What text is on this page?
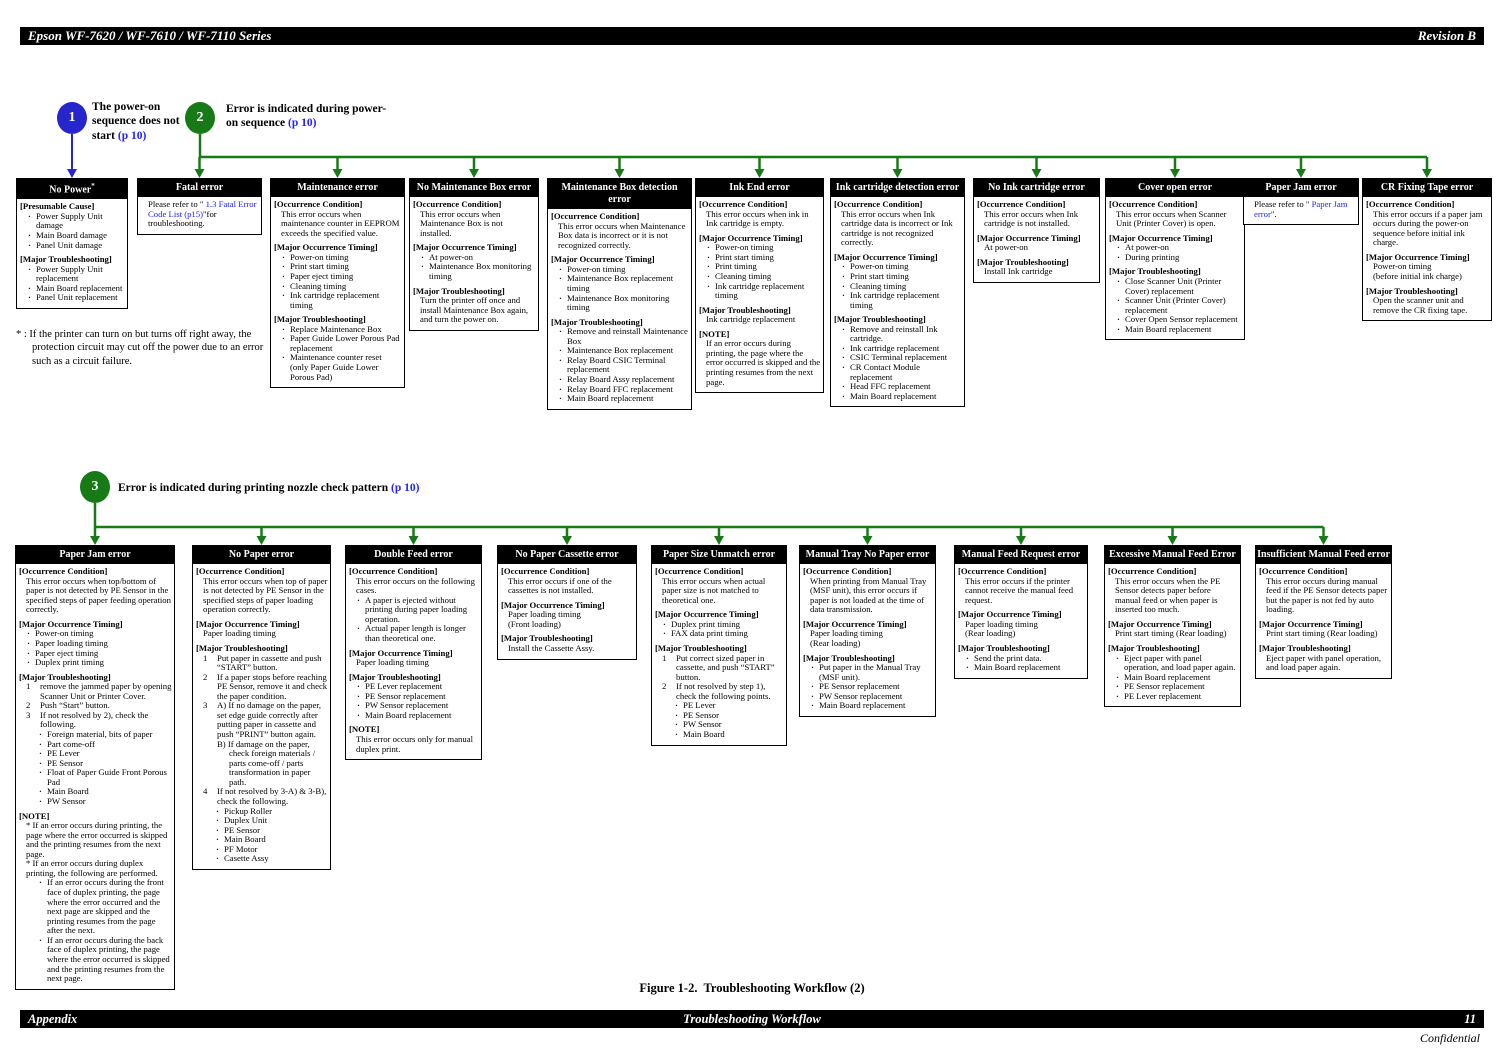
Epson WF-7620 / WF-7610 / WF-7110 Series	Revision B
1
The power-on sequence does not start (p 10)
2
Error is indicated during power-on sequence (p 10)
3 Error is indicated during printing nozzle check pattern (p 10)
No Power*
[Presumable Cause]
· Power Supply Unit damage
· Main Board damage
· Panel Unit damage
[Major Troubleshooting]
· Power Supply Unit replacement
· Main Board replacement
· Panel Unit replacement
Fatal error
Please refer to " 1.3 Fatal Error Code List (p15)"for troubleshooting.
Maintenance error
[Occurrence Condition]
This error occurs when maintenance counter in EEPROM exceeds the specified value.
[Major Occurrence Timing]
· Power-on timing
· Print start timing
· Paper eject timing
· Cleaning timing
· Ink cartridge replacement timing
[Major Troubleshooting]
· Replace Maintenance Box
· Paper Guide Lower Porous Pad replacement
· Maintenance counter reset (only Paper Guide Lower Porous Pad)
No Maintenance Box error
[Occurrence Condition]
This error occurs when Maintenance Box is not installed.
[Major Occurrence Timing]
· At power-on
· Maintenance Box monitoring timing
[Major Troubleshooting]
Turn the printer off once and install Maintenance Box again, and turn the power on.
Maintenance Box detection error
[Occurrence Condition]
This error occurs when Maintenance Box data is incorrect or it is not recognized correctly.
[Major Occurrence Timing]
· Power-on timing
· Maintenance Box replacement timing
· Maintenance Box monitoring timing
[Major Troubleshooting]
· Remove and reinstall Maintenance Box
· Maintenance Box replacement
· Relay Board CSIC Terminal replacement
· Relay Board Assy replacement
· Relay Board FFC replacement
· Main Board replacement
Ink End error
[Occurrence Condition]
This error occurs when ink in Ink cartridge is empty.
[Major Occurrence Timing]
· Power-on timing
· Print start timing
· Print timing
· Cleaning timing
· Ink cartridge replacement timing
[Major Troubleshooting]
Ink cartridge replacement
[NOTE]
If an error occurs during printing, the page where the error occurred is skipped and the printing resumes from the next page.
Ink cartridge detection error
[Occurrence Condition]
This error occurs when Ink cartridge data is incorrect or Ink cartridge is not recognized correctly.
[Major Occurrence Timing]
· Power-on timing
· Print start timing
· Cleaning timing
· Ink cartridge replacement timing
[Major Troubleshooting]
· Remove and reinstall Ink cartridge.
· Ink cartridge replacement
· CSIC Terminal replacement
· CR Contact Module replacement
· Head FFC replacement
· Main Board replacement
No Ink cartridge error
[Occurrence Condition]
This error occurs when Ink cartridge is not installed.
[Major Occurrence Timing]
At power-on
[Major Troubleshooting]
Install Ink cartridge
Cover open error
[Occurrence Condition]
This error occurs when Scanner Unit (Printer Cover) is open.
[Major Occurrence Timing]
· At power-on
· During printing
[Major Troubleshooting]
· Close Scanner Unit (Printer Cover) replacement
· Scanner Unit (Printer Cover) replacement
· Cover Open Sensor replacement
· Main Board replacement
Paper Jam error
Please refer to " Paper Jam error".
CR Fixing Tape error
[Occurrence Condition]
This error occurs if a paper jam occurs during the power-on sequence before initial ink charge.
[Major Occurrence Timing]
Power-on timing
(before initial ink charge)
[Major Troubleshooting]
Open the scanner unit and remove the CR fixing tape.
Paper Jam error
[Occurrence Condition]
This error occurs when top/bottom of paper is not detected by PE Sensor in the specified steps of paper feeding operation correctly.
[Major Occurrence Timing]
· Power-on timing
· Paper loading timing
· Paper eject timing
· Duplex print timing
[Major Troubleshooting]
1 remove the jammed paper by opening Scanner Unit or Printer Cover.
2 Push “Start” button.
3 If not resolved by 2), check the following.
· Foreign material, bits of paper
· Part come-off
· PE Lever
· PE Sensor
· Float of Paper Guide Front Porous Pad
· Main Board
· PW Sensor
[NOTE]
* If an error occurs during printing, the page where the error occurred is skipped and the printing resumes from the next page.
* If an error occurs during duplex printing, the following are performed.
· If an error occurs during the front face of duplex printing, the page where the error occurred and the next page are skipped and the printing resumes from the page after the next.
· If an error occurs during the back face of duplex printing, the page where the error occurred is skipped and the printing resumes from the next page.
No Paper error
[Occurrence Condition]
This error occurs when top of paper is not detected by PE Sensor in the specified steps of paper loading operation correctly.
[Major Occurrence Timing]
Paper loading timing
[Major Troubleshooting]
1 Put paper in cassette and push “START” button.
2 If a paper stops before reaching PE Sensor, remove it and check the paper condition.
3 A) If no damage on the paper, set edge guide correctly after putting paper in cassette and push “PRINT” button again.
B) If damage on the paper, check foreign materials / parts come-off / parts transformation in paper path.
4 If not resolved by 3-A) & 3-B), check the following.
· Pickup Roller
· Duplex Unit
· PE Sensor
· Main Board
· PF Motor
· Casette Assy
Double Feed error
[Occurrence Condition]
This error occurs on the following cases.
· A paper is ejected without printing during paper loading operation.
· Actual paper length is longer than theoretical one.
[Major Occurrence Timing]
Paper loading timing
[Major Troubleshooting]
· PE Lever replacement
· PE Sensor replacement
· PW Sensor replacement
· Main Board replacement
[NOTE]
This error occurs only for manual duplex print.
No Paper Cassette error
[Occurrence Condition]
This error occurs if one of the cassettes is not installed.
[Major Occurrence Timing]
Paper loading timing
(Front loading)
[Major Troubleshooting]
Install the Cassette Assy.
Paper Size Unmatch error
[Occurrence Condition]
This error occurs when actual paper size is not matched to theoretical one.
[Major Occurrence Timing]
· Duplex print timing
· FAX data print timing
[Major Troubleshooting]
1 Put correct sized paper in cassette, and push “START” button.
2 If not resolved by step 1), check the following points.
· PE Lever
· PE Sensor
· PW Sensor
· Main Board
Manual Tray No Paper error
[Occurrence Condition]
When printing from Manual Tray (MSF unit), this error occurs if paper is not loaded at the time of data transmission.
[Major Occurrence Timing]
Paper loading timing
(Rear loading)
[Major Troubleshooting]
· Put paper in the Manual Tray (MSF unit).
· PE Sensor replacement
· PW Sensor replacement
· Main Board replacement
Manual Feed Request error
[Occurrence Condition]
This error occurs if the printer cannot receive the manual feed request.
[Major Occurrence Timing]
Paper loading timing
(Rear loading)
[Major Troubleshooting]
· Send the print data.
· Main Board replacement
Excessive Manual Feed Error
[Occurrence Condition]
This error occurs when the PE Sensor detects paper before manual feed or when paper is inserted too much.
[Major Occurrence Timing]
Print start timing (Rear loading)
[Major Troubleshooting]
· Eject paper with panel operation, and load paper again.
· Main Board replacement
· PE Sensor replacement
· PE Lever replacement
Insufficient Manual Feed error
[Occurrence Condition]
This error occurs during manual feed if the PE Sensor detects paper but the paper is not fed by auto loading.
[Major Occurrence Timing]
Print start timing (Rear loading)
[Major Troubleshooting]
Eject paper with panel operation, and load paper again.
* : If the printer can turn on but turns off right away, the protection circuit may cut off the power due to an error such as a circuit failure.
Figure 1-2.  Troubleshooting Workflow (2)
Appendix	Troubleshooting Workflow	11
Confidential
